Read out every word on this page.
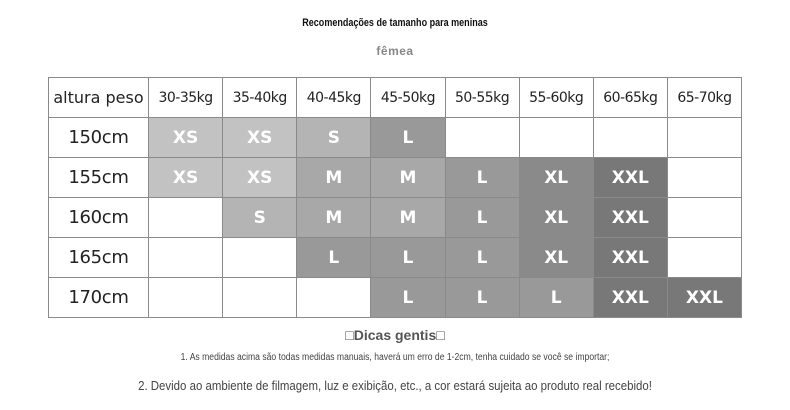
Recomendações de tamanho para meninas
fêmea
altura peso	30-35kg	35-40kg	40-45kg	45-50kg	50-55kg	55-60kg	60-65kg	65-70kg
150cm	XS	XS	S	L				
155cm	XS	XS	M	M	L	XL	XXL	
160cm		S	M	M	L	XL	XXL	
165cm			L	L	L	XL	XXL	
170cm				L	L	L	XXL	XXL
□Dicas gentis□
1. As medidas acima são todas medidas manuais, haverá um erro de 1-2cm, tenha cuidado se você se importar;
2. Devido ao ambiente de filmagem, luz e exibição, etc., a cor estará sujeita ao produto real recebido!
